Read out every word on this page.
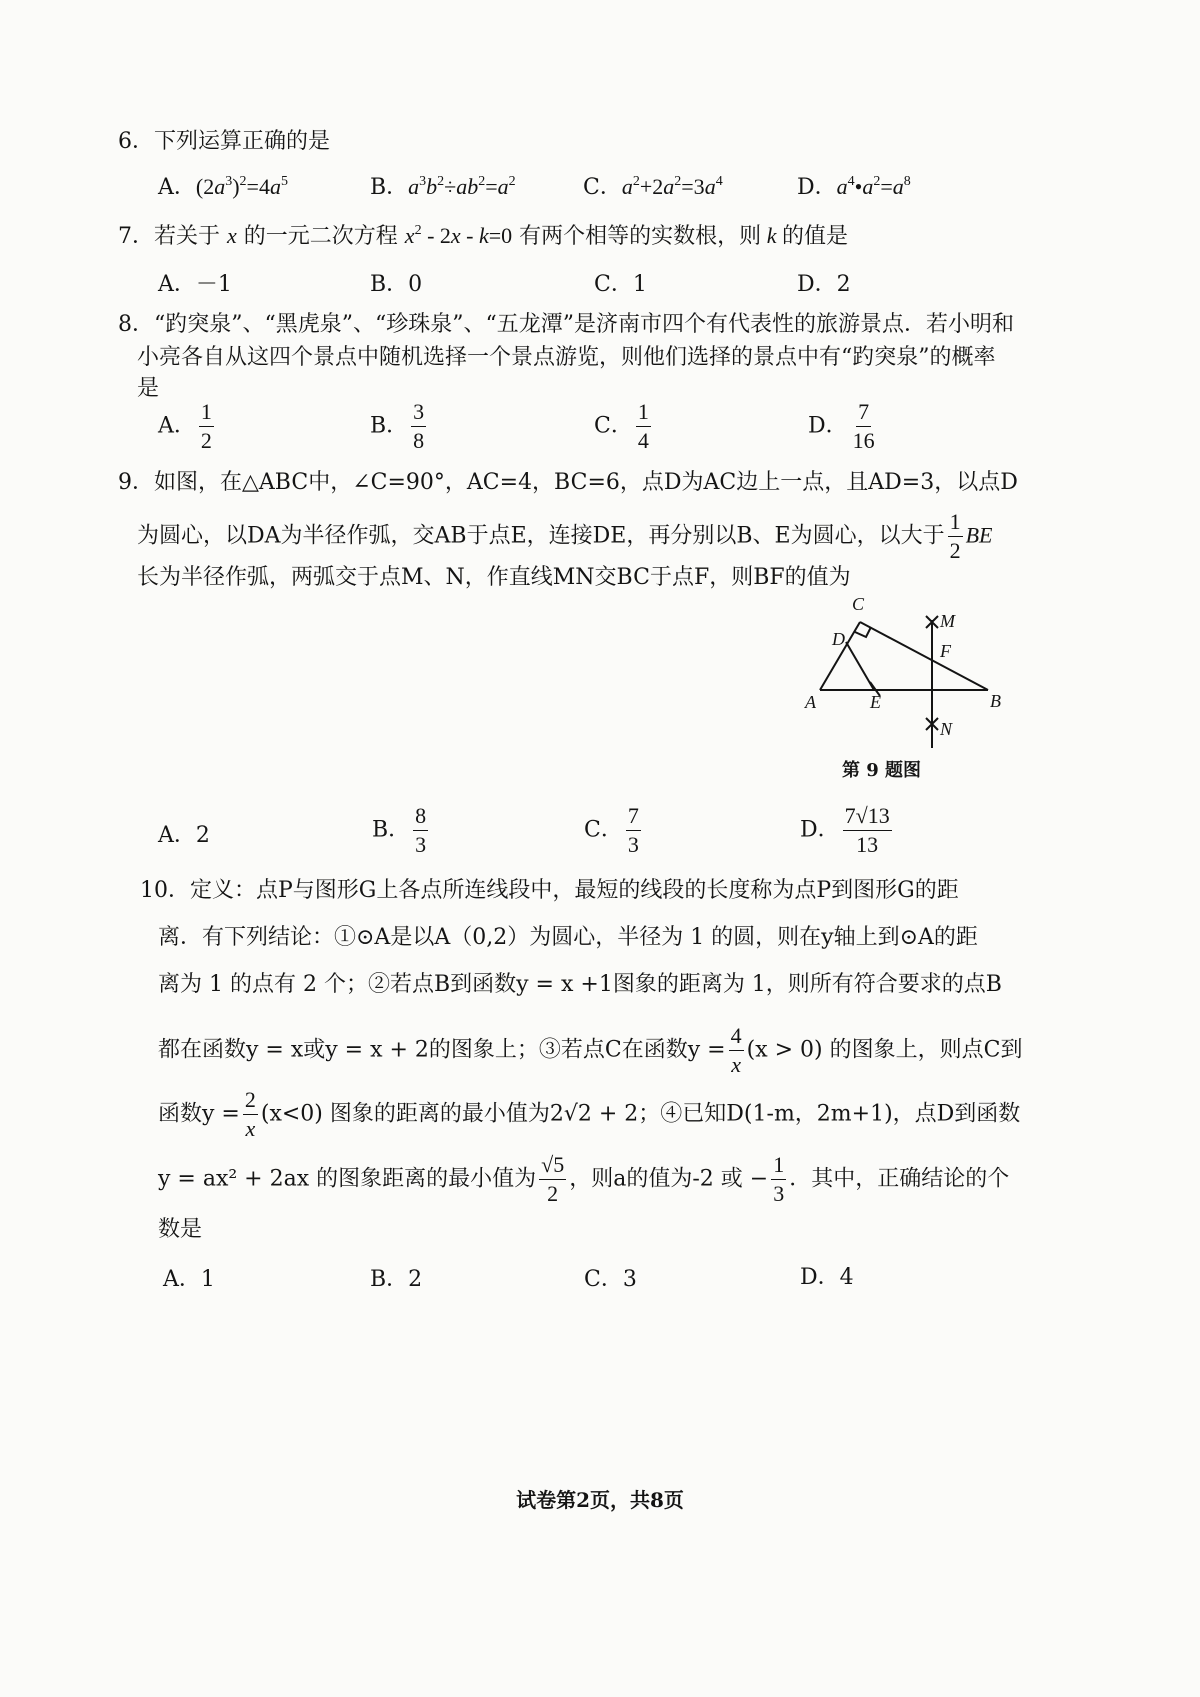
6．下列运算正确的是
A．$(2a^3)^2=4a^5$	B．$a^3b^2\div ab^2=a^2$	C．$a^2+2a^2=3a^4$	D．$a^4•a^2=a^8$
7．若关于 x 的一元二次方程 $x^2 - 2x - k=0$ 有两个相等的实数根，则 k 的值是
A．－1	B．0	C．1	D．2
8．“趵突泉”、“黑虎泉”、“珍珠泉”、“五龙潭”是济南市四个有代表性的旅游景点．若小明和
小亮各自从这四个景点中随机选择一个景点游览，则他们选择的景点中有“趵突泉”的概率
是
A． $\frac{1}{2}$	B． $\frac{3}{8}$	C． $\frac{1}{4}$	D． $\frac{7}{16}$
9．如图，在△ABC中，∠C=90°，AC=4，BC=6，点D为AC边上一点，且AD=3，以点D
为圆心，以DA为半径作弧，交AB于点E，连接DE，再分别以B、E为圆心，以大于 $\frac{1}{2}$ BE
长为半径作弧，两弧交于点M、N，作直线MN交BC于点F，则BF的值为
C
D
A	E	B
M
F
N
第 9 题图
A．2	B． $\frac{8}{3}$	C． $\frac{7}{3}$	D． $\frac{7√13}{13}$
10．定义：点P与图形G上各点所连线段中，最短的线段的长度称为点P到图形G的距
离．有下列结论：①⊙A是以A（0,2）为圆心，半径为 1 的圆，则在y轴上到⊙A的距
离为 1 的点有 2 个；②若点B到函数y = x +1图象的距离为 1，则所有符合要求的点B
都在函数y = x或y = x + 2的图象上；③若点C在函数$y = \frac{4}{x} (x > 0)$ 的图象上，则点C到
函数$y = \frac{2}{x} (x<0)$ 图象的距离的最小值为2√2 + 2；④已知D(1-m，2m+1)，点D到函数
y = ax² + 2ax 的图象距离的最小值为 $\frac{√5}{2}$ ，则a的值为-2 或 − $\frac{1}{3}$ ．其中，正确结论的个
数是
A．1	B．2	C．3	D．4
试卷第2页，共8页
